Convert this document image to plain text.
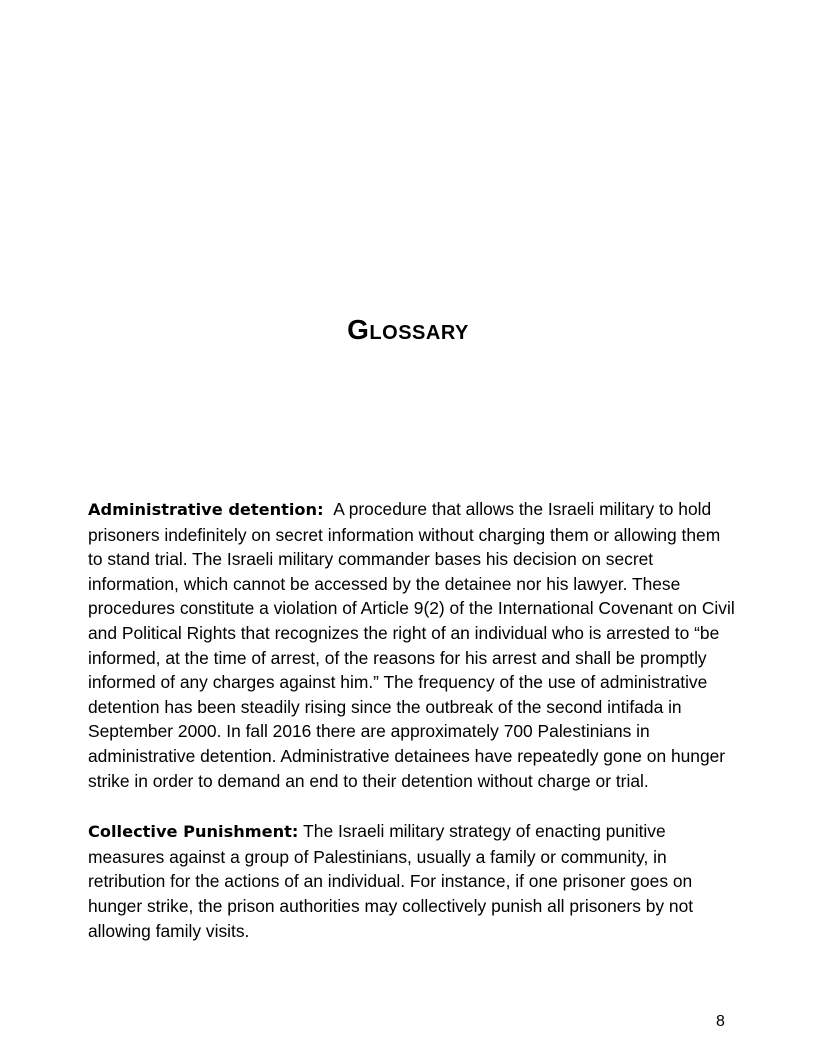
Glossary

Administrative detention: A procedure that allows the Israeli military to hold prisoners indefinitely on secret information without charging them or allowing them to stand trial. The Israeli military commander bases his decision on secret information, which cannot be accessed by the detainee nor his lawyer. These procedures constitute a violation of Article 9(2) of the International Covenant on Civil and Political Rights that recognizes the right of an individual who is arrested to “be informed, at the time of arrest, of the reasons for his arrest and shall be promptly informed of any charges against him.” The frequency of the use of administrative detention has been steadily rising since the outbreak of the second intifada in September 2000. In fall 2016 there are approximately 700 Palestinians in administrative detention. Administrative detainees have repeatedly gone on hunger strike in order to demand an end to their detention without charge or trial.

Collective Punishment: The Israeli military strategy of enacting punitive measures against a group of Palestinians, usually a family or community, in retribution for the actions of an individual. For instance, if one prisoner goes on hunger strike, the prison authorities may collectively punish all prisoners by not allowing family visits.

8
